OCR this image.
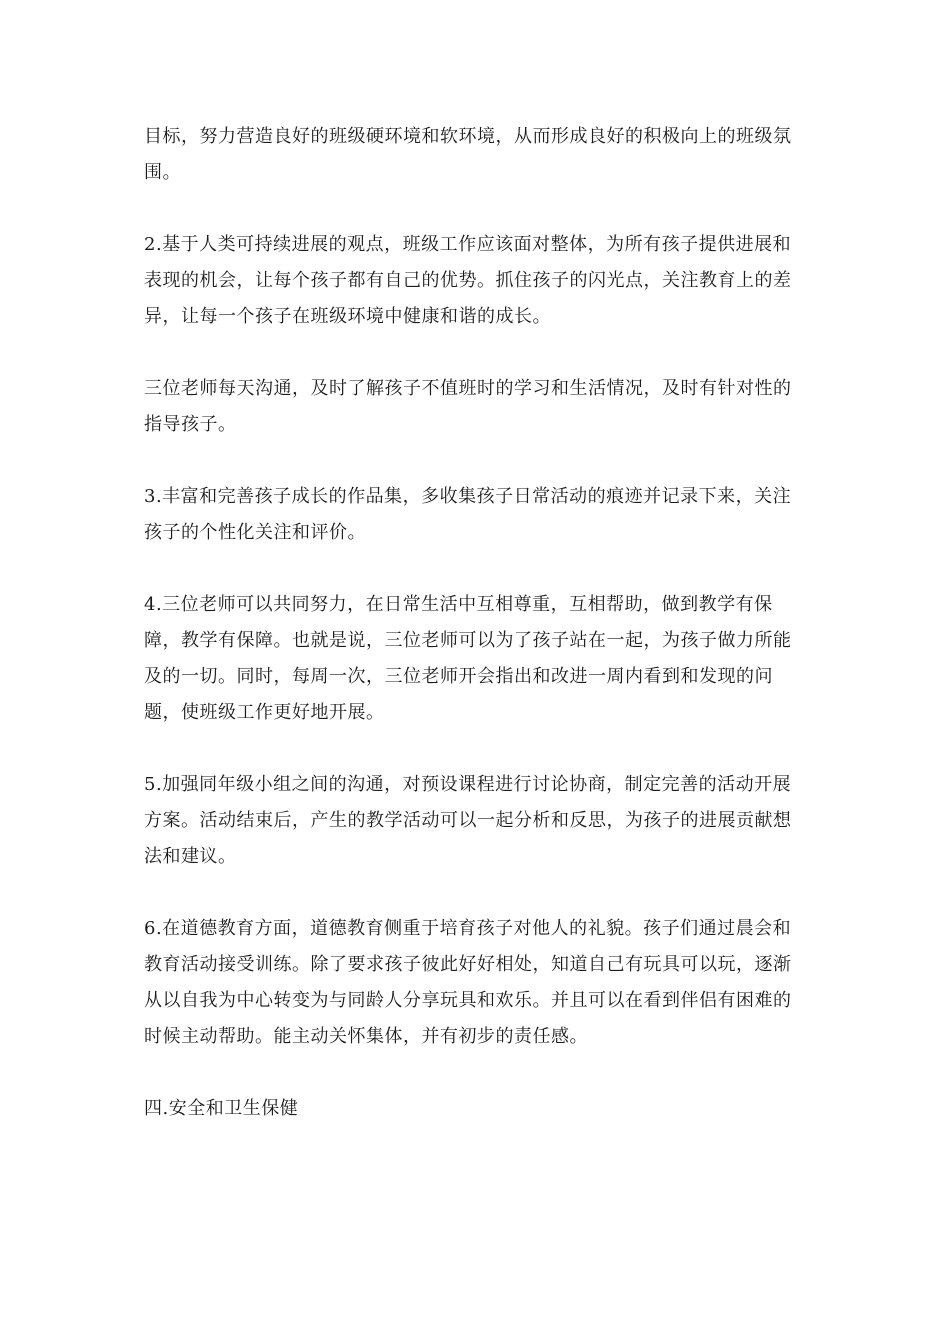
目标，努力营造良好的班级硬环境和软环境，从而形成良好的积极向上的班级氛围。

2.基于人类可持续进展的观点，班级工作应该面对整体，为所有孩子提供进展和表现的机会，让每个孩子都有自己的优势。抓住孩子的闪光点，关注教育上的差异，让每一个孩子在班级环境中健康和谐的成长。

三位老师每天沟通，及时了解孩子不值班时的学习和生活情况，及时有针对性的指导孩子。

3.丰富和完善孩子成长的作品集，多收集孩子日常活动的痕迹并记录下来，关注孩子的个性化关注和评价。

4.三位老师可以共同努力，在日常生活中互相尊重，互相帮助，做到教学有保障，教学有保障。也就是说，三位老师可以为了孩子站在一起，为孩子做力所能及的一切。同时，每周一次，三位老师开会指出和改进一周内看到和发现的问题，使班级工作更好地开展。

5.加强同年级小组之间的沟通，对预设课程进行讨论协商，制定完善的活动开展方案。活动结束后，产生的教学活动可以一起分析和反思，为孩子的进展贡献想法和建议。

6.在道德教育方面，道德教育侧重于培育孩子对他人的礼貌。孩子们通过晨会和教育活动接受训练。除了要求孩子彼此好好相处，知道自己有玩具可以玩，逐渐从以自我为中心转变为与同龄人分享玩具和欢乐。并且可以在看到伴侣有困难的时候主动帮助。能主动关怀集体，并有初步的责任感。

四.安全和卫生保健
